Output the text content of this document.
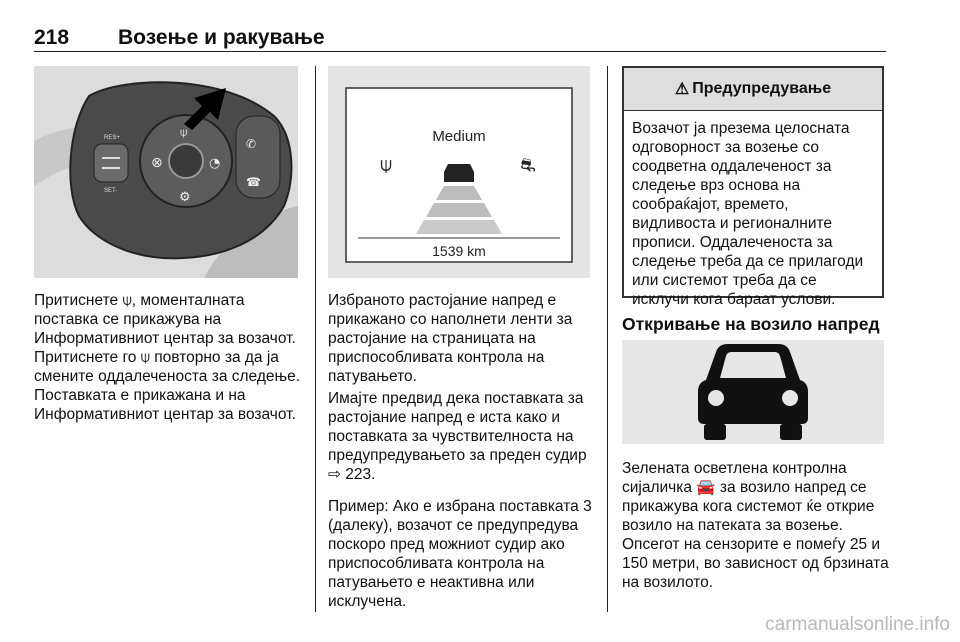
218 Возење и ракување
RES+
SET-
⊗	◔
⚙
⍦
✆
☎

Притиснете ⍦, моменталната поставка се прикажува на Информативниот центар за возачот. Притиснете го ⍦ повторно за да ја смените оддалеченоста за следење. Поставката е прикажана и на Информативниот центар за возачот.

Medium
⍦	⛐
1539 km

Избраното растојание напред е прикажано со наполнети ленти за растојание на страницата на приспособливата контрола на патувањето.

Имајте предвид дека поставката за растојание напред е иста како и поставката за чувствителноста на предупредувањето за преден судир ⇨ 223.

Пример: Ако е избрана поставката 3 (далеку), возачот се предупредува поскоро пред можниот судир ако приспособливата контрола на патувањето е неактивна или исклучена.

⚠ Предупредување

Возачот ја презема целосната одговорност за возење со соодветна оддалеченост за следење врз основа на сообраќајот, времето, видливоста и регионалните прописи. Оддалеченоста за следење треба да се прилагоди или системот треба да се исклучи кога бараат услови.

Откривање на возило напред

Зелената осветлена контролна сијаличка 🚘 за возило напред се прикажува кога системот ќе открие возило на патеката за возење. Опсегот на сензорите е помеѓу 25 и 150 метри, во зависност од брзината на возилото.

carmanualsonline.info
